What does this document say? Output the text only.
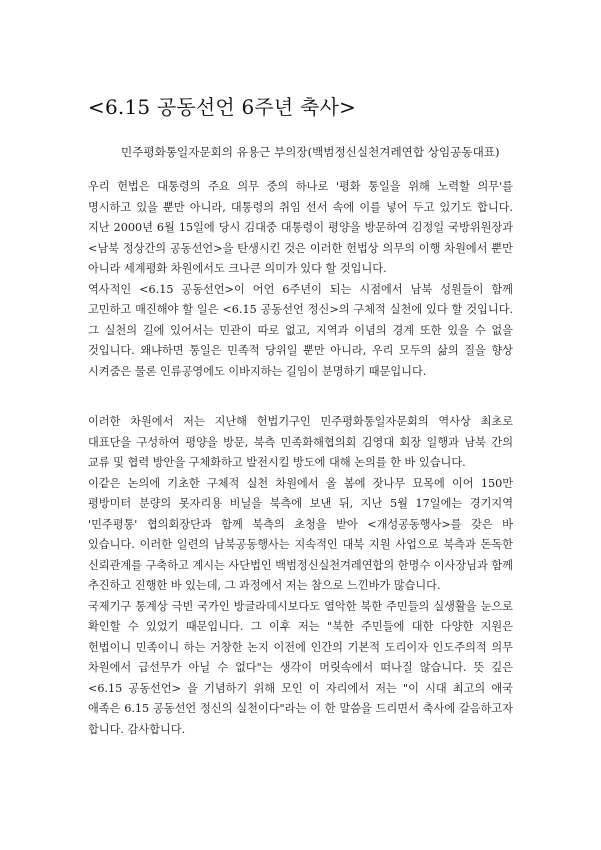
<6.15 공동선언 6주년 축사>
민주평화통일자문회의 유용근 부의장(백범정신실천겨레연합 상임공동대표)

우리 헌법은 대통령의 주요 의무 중의 하나로 '평화 통일을 위해 노력할 의무'를 명시하고 있을 뿐만 아니라, 대통령의 취임 선서 속에 이를 넣어 두고 있기도 합니다. 지난 2000년 6월 15일에 당시 김대중 대통령이 평양을 방문하여 김정일 국방위원장과 <남북 정상간의 공동선언>을 탄생시킨 것은 이러한 헌법상 의무의 이행 차원에서 뿐만 아니라 세계평화 차원에서도 크나큰 의미가 있다 할 것입니다.

역사적인 <6.15 공동선언>이 어언 6주년이 되는 시점에서 남북 성원들이 함께 고민하고 매진해야 할 일은 <6.15 공동선언 정신>의 구체적 실천에 있다 할 것입니다. 그 실천의 길에 있어서는 민관이 따로 없고, 지역과 이념의 경계 또한 있을 수 없을 것입니다. 왜냐하면 통일은 민족적 당위일 뿐만 아니라, 우리 모두의 삶의 질을 향상 시켜줌은 물론 인류공영에도 이바지하는 길임이 분명하기 때문입니다.

이러한 차원에서 저는 지난해 헌법기구인 민주평화통일자문회의 역사상 최초로 대표단을 구성하여 평양을 방문, 북측 민족화해협의회 김영대 회장 일행과 남북 간의 교류 및 협력 방안을 구체화하고 발전시킬 방도에 대해 논의를 한 바 있습니다.

이같은 논의에 기초한 구체적 실천 차원에서 올 봄에 잣나무 묘목에 이어 150만 평방미터 분량의 못자리용 비닐을 북측에 보낸 뒤, 지난 5월 17일에는 경기지역 '민주평통' 협의회장단과 함께 북측의 초청을 받아 <개성공동행사>를 갖은 바 있습니다. 이러한 일련의 남북공동행사는 지속적인 대북 지원 사업으로 북측과 돈독한 신뢰관계를 구축하고 계시는 사단법인 백범정신실천겨레연합의 한명수 이사장님과 함께 추진하고 진행한 바 있는데, 그 과정에서 저는 참으로 느낀바가 많습니다.

국제기구 통계상 극빈 국가인 방글라데시보다도 열악한 북한 주민들의 실생활을 눈으로 확인할 수 있었기 때문입니다. 그 이후 저는 "북한 주민들에 대한 다양한 지원은 헌법이니 민족이니 하는 거창한 논지 이전에 인간의 기본적 도리이자 인도주의적 의무 차원에서 급선무가 아닐 수 없다"는 생각이 머릿속에서 떠나질 않습니다. 뜻 깊은 <6.15 공동선언> 을 기념하기 위해 모인 이 자리에서 저는 "이 시대 최고의 애국 애족은 6.15 공동선언 정신의 실천이다"라는 이 한 말씀을 드리면서 축사에 갈음하고자 합니다. 감사합니다.
